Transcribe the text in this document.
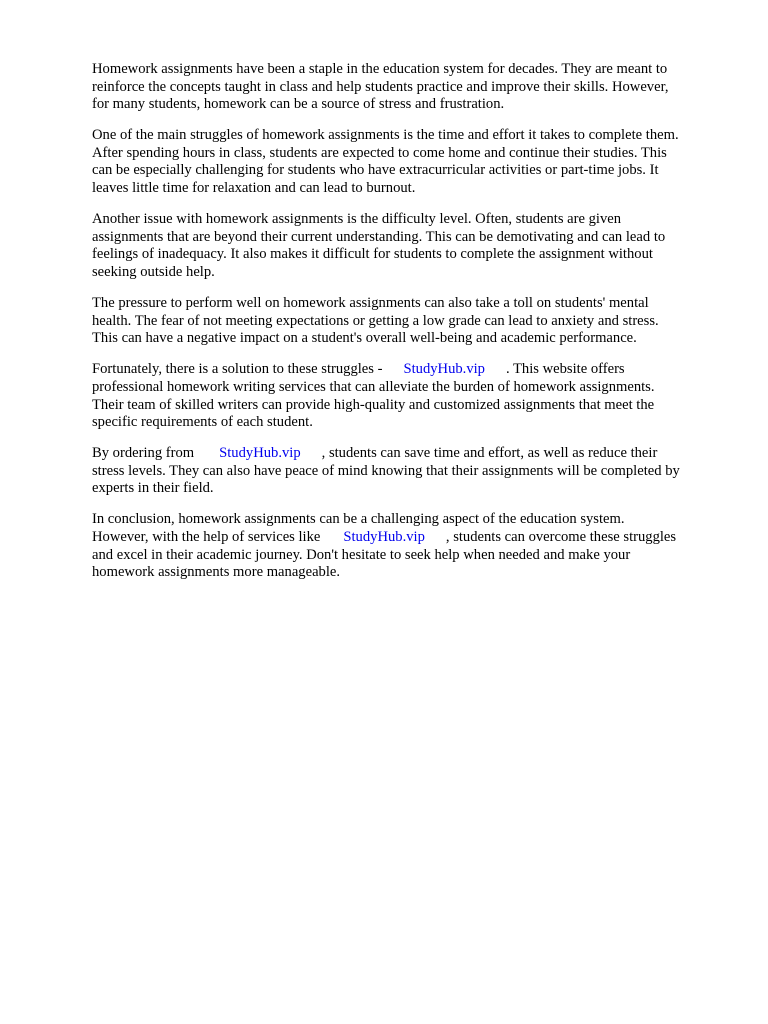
Homework assignments have been a staple in the education system for decades. They are meant to
reinforce the concepts taught in class and help students practice and improve their skills. However,
for many students, homework can be a source of stress and frustration.

One of the main struggles of homework assignments is the time and effort it takes to complete them.
After spending hours in class, students are expected to come home and continue their studies. This
can be especially challenging for students who have extracurricular activities or part-time jobs. It
leaves little time for relaxation and can lead to burnout.

Another issue with homework assignments is the difficulty level. Often, students are given
assignments that are beyond their current understanding. This can be demotivating and can lead to
feelings of inadequacy. It also makes it difficult for students to complete the assignment without
seeking outside help.

The pressure to perform well on homework assignments can also take a toll on students' mental
health. The fear of not meeting expectations or getting a low grade can lead to anxiety and stress.
This can have a negative impact on a student's overall well-being and academic performance.

Fortunately, there is a solution to these struggles - StudyHub.vip . This website offers
professional homework writing services that can alleviate the burden of homework assignments.
Their team of skilled writers can provide high-quality and customized assignments that meet the
specific requirements of each student.

By ordering from StudyHub.vip , students can save time and effort, as well as reduce their
stress levels. They can also have peace of mind knowing that their assignments will be completed by
experts in their field.

In conclusion, homework assignments can be a challenging aspect of the education system.
However, with the help of services like StudyHub.vip , students can overcome these struggles
and excel in their academic journey. Don't hesitate to seek help when needed and make your
homework assignments more manageable.
